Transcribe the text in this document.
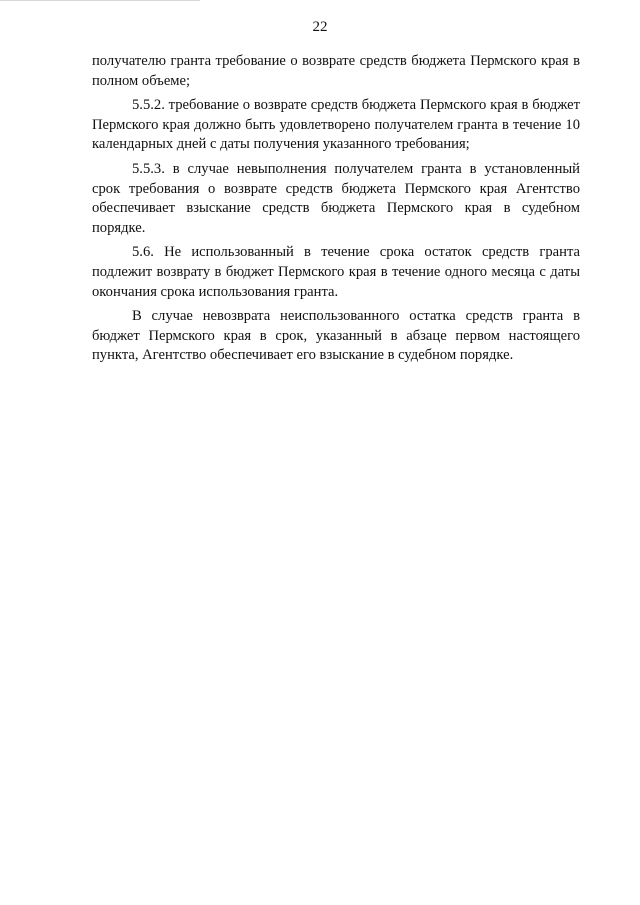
22

получателю гранта требование о возврате средств бюджета Пермского края в полном объеме;

5.5.2. требование о возврате средств бюджета Пермского края в бюджет Пермского края должно быть удовлетворено получателем гранта в течение 10 календарных дней с даты получения указанного требования;

5.5.3. в случае невыполнения получателем гранта в установленный срок требования о возврате средств бюджета Пермского края Агентство обеспечивает взыскание средств бюджета Пермского края в судебном порядке.

5.6. Не использованный в течение срока остаток средств гранта подлежит возврату в бюджет Пермского края в течение одного месяца с даты окончания срока использования гранта.

В случае невозврата неиспользованного остатка средств гранта в бюджет Пермского края в срок, указанный в абзаце первом настоящего пункта, Агентство обеспечивает его взыскание в судебном порядке.
